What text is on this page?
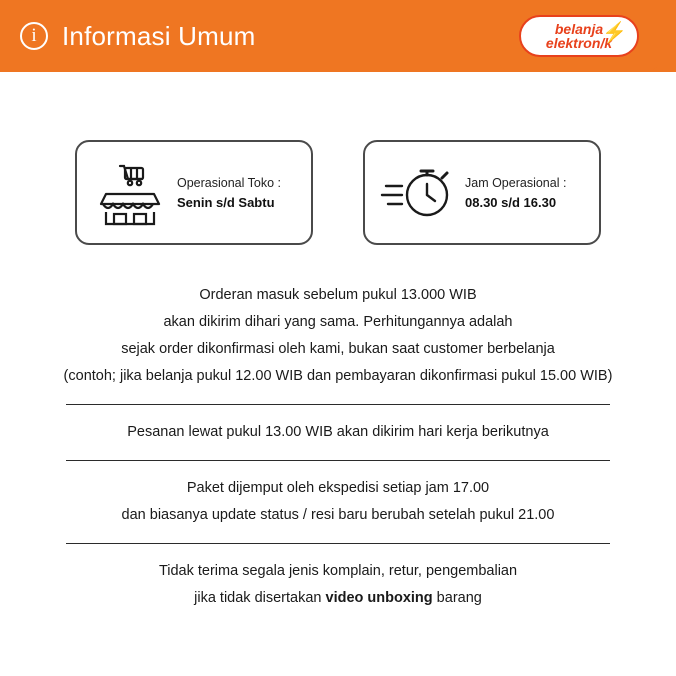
i Informasi Umum	belanja
elektron/k
⚡
Operasional Toko :
Senin s/d Sabtu
Jam Operasional :
08.30 s/d 16.30
Orderan masuk sebelum pukul 13.000 WIB
akan dikirim dihari yang sama. Perhitungannya adalah
sejak order dikonfirmasi oleh kami, bukan saat customer berbelanja
(contoh; jika belanja pukul 12.00 WIB dan pembayaran dikonfirmasi pukul 15.00 WIB)
Pesanan lewat pukul 13.00 WIB akan dikirim hari kerja berikutnya
Paket dijemput oleh ekspedisi setiap jam 17.00
dan biasanya update status / resi baru berubah setelah pukul 21.00
Tidak terima segala jenis komplain, retur, pengembalian
jika tidak disertakan video unboxing barang
